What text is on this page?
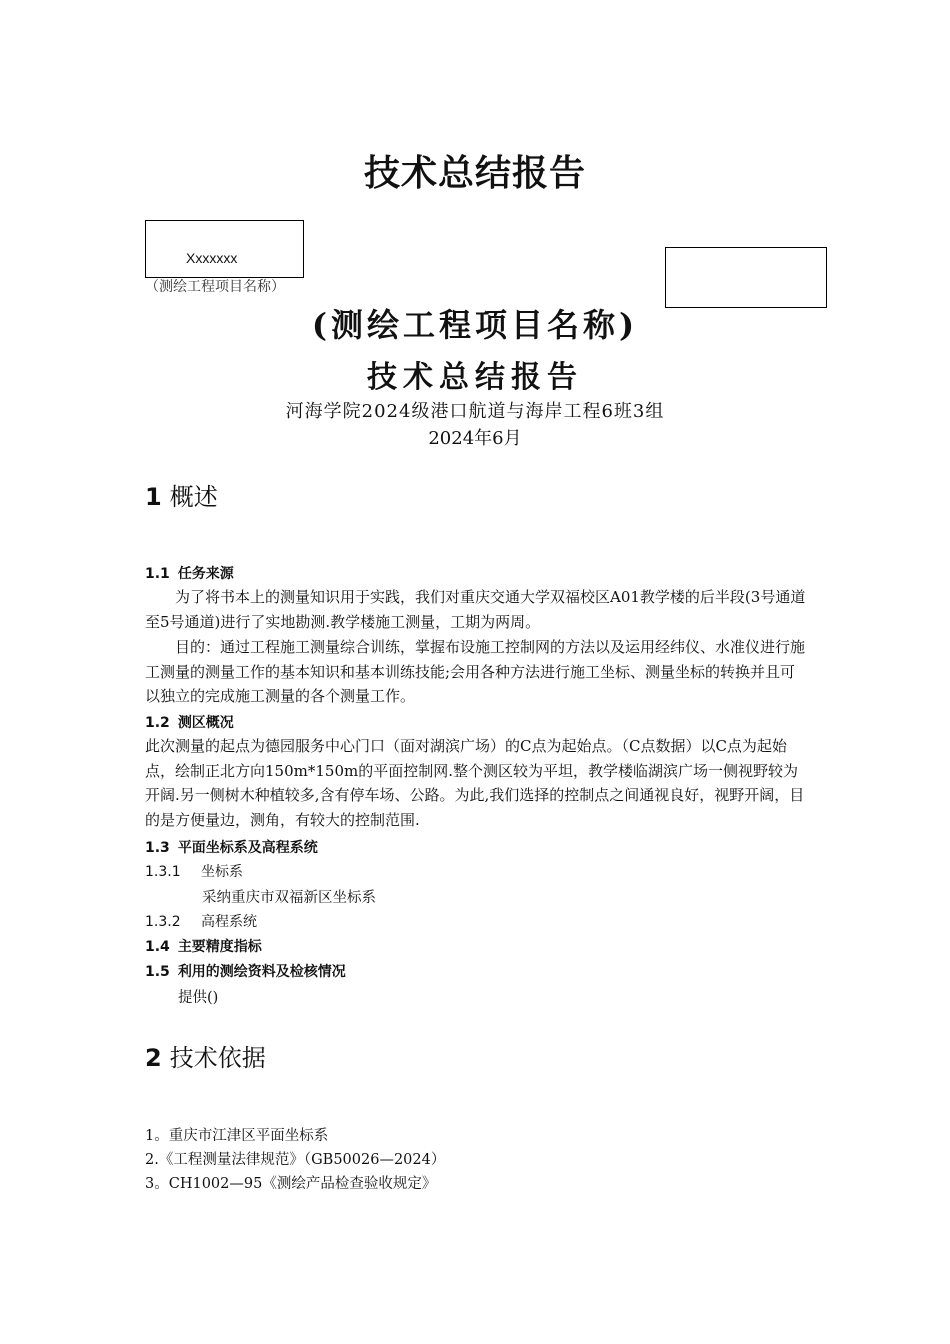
技术总结报告
Xxxxxxx
（测绘工程项目名称）
(测绘工程项目名称)
技术总结报告
河海学院2024级港口航道与海岸工程6班3组
2024年6月
1 概述
1.1 任务来源
为了将书本上的测量知识用于实践，我们对重庆交通大学双福校区A01教学楼的后半段(3号通道至5号通道)进行了实地勘测.教学楼施工测量，工期为两周。
目的：通过工程施工测量综合训练，掌握布设施工控制网的方法以及运用经纬仪、水准仪进行施工测量的测量工作的基本知识和基本训练技能;会用各种方法进行施工坐标、测量坐标的转换并且可以独立的完成施工测量的各个测量工作。
1.2 测区概况
此次测量的起点为德园服务中心门口（面对湖滨广场）的C点为起始点。（C点数据）以C点为起始点，绘制正北方向150m*150m的平面控制网.整个测区较为平坦，教学楼临湖滨广场一侧视野较为开阔.另一侧树木种植较多,含有停车场、公路。为此,我们选择的控制点之间通视良好，视野开阔，目的是方便量边，测角，有较大的控制范围.
1.3 平面坐标系及高程系统
1.3.1 坐标系
采纳重庆市双福新区坐标系
1.3.2 高程系统
1.4 主要精度指标
1.5 利用的测绘资料及检核情况
提供()
2 技术依据
1。重庆市江津区平面坐标系
2.《工程测量法律规范》（GB50026—2024）
3。CH1002—95《测绘产品检查验收规定》
